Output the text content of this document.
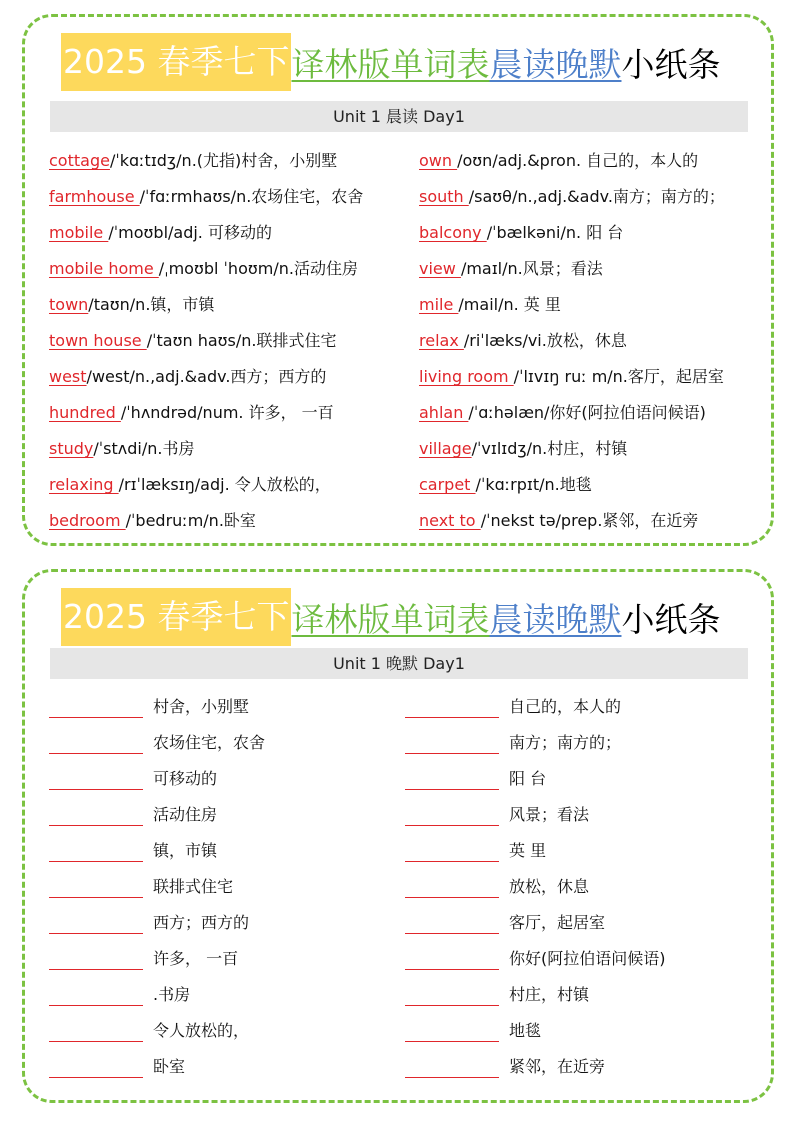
2025 春季七下 译林版单词表 晨读晚默 小纸条
Unit 1 晨读 Day1
cottage/ˈkɑːtɪdʒ/n.(尤指)村舍，小别墅
farmhouse /ˈfɑːrmhaʊs/n.农场住宅，农舍
mobile /ˈmoʊbl/adj. 可移动的
mobile home /ˌmoʊbl ˈhoʊm/n.活动住房
town/taʊn/n.镇，市镇
town house /ˈtaʊn haʊs/n.联排式住宅
west/west/n.,adj.&adv.西方；西方的
hundred /ˈhʌndrəd/num. 许多， 一百
study/ˈstʌdi/n.书房
relaxing /rɪˈlæksɪŋ/adj. 令人放松的，
bedroom /ˈbedruːm/n.卧室
own /oʊn/adj.&pron. 自己的，本人的
south /saʊθ/n.,adj.&adv.南方；南方的；
balcony /ˈbælkəni/n. 阳 台
view /maɪl/n.风景；看法
mile /mail/n. 英 里
relax /riˈlæks/vi.放松，休息
living room /ˈlɪvɪŋ ruː m/n.客厅，起居室
ahlan /ˈɑːhəlæn/你好(阿拉伯语问候语)
village/ˈvɪlɪdʒ/n.村庄，村镇
carpet /ˈkɑːrpɪt/n.地毯
next to /ˈnekst tə/prep.紧邻，在近旁
2025 春季七下 译林版单词表 晨读晚默 小纸条
Unit 1 晚默 Day1
村舍，小别墅
农场住宅，农舍
可移动的
活动住房
镇，市镇
联排式住宅
西方；西方的
许多， 一百
.书房
令人放松的，
卧室
自己的，本人的
南方；南方的；
阳 台
风景；看法
英 里
放松，休息
客厅，起居室
你好(阿拉伯语问候语)
村庄，村镇
地毯
紧邻，在近旁
